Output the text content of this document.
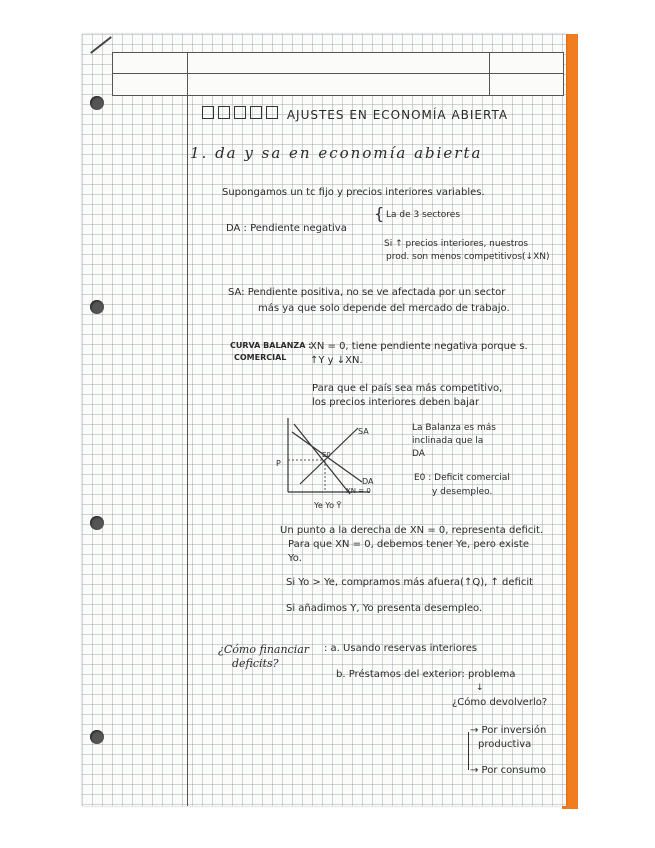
AJUSTES EN ECONOMÍA ABIERTA
1. da y sa en economía abierta
Supongamos un tc fijo y precios interiores variables.
DA : Pendiente negativa
{ La de 3 sectores
Si ↑ precios interiores, nuestros
prod. son menos competitivos(↓XN)
SA: Pendiente positiva, no se ve afectada por un sector
más ya que solo depende del mercado de trabajo.
CURVA BALANZA :
COMERCIAL
XN = 0, tiene pendiente negativa porque s.
↑Y y ↓XN.
Para que el país sea más competitivo,
los precios interiores deben bajar
SA
DA
XN = 0
E0
P
Ye Yo Ȳ
La Balanza es más
inclinada que la
DA
E0 : Deficit comercial
y desempleo.
Un punto a la derecha de XN = 0, representa deficit.
Para que XN = 0, debemos tener Ye, pero existe
Yo.
Si Yo > Ye, compramos más afuera(↑Q), ↑ deficit
Si añadimos Y, Yo presenta desempleo.
¿Cómo financiar
deficits?
: a. Usando reservas interiores
b. Préstamos del exterior: problema
↓
¿Cómo devolverlo?
→ Por inversión
productiva
→ Por consumo
